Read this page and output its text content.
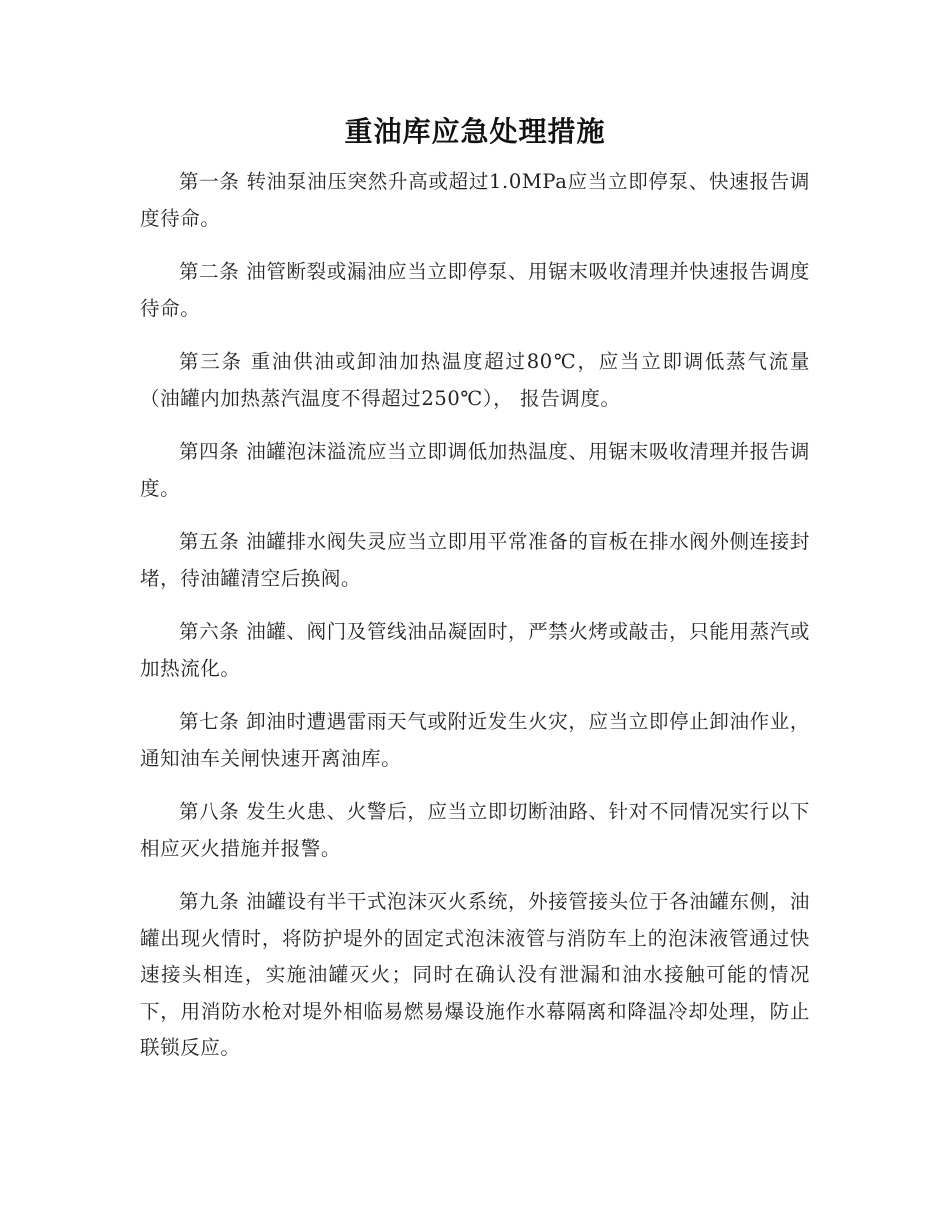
重油库应急处理措施

第一条 转油泵油压突然升高或超过1.0MPa应当立即停泵、快速报告调度待命。

第二条 油管断裂或漏油应当立即停泵、用锯末吸收清理并快速报告调度待命。

第三条 重油供油或卸油加热温度超过80℃，应当立即调低蒸气流量（油罐内加热蒸汽温度不得超过250℃）， 报告调度。

第四条 油罐泡沫溢流应当立即调低加热温度、用锯末吸收清理并报告调度。

第五条 油罐排水阀失灵应当立即用平常准备的盲板在排水阀外侧连接封堵，待油罐清空后换阀。

第六条 油罐、阀门及管线油品凝固时，严禁火烤或敲击，只能用蒸汽或加热流化。

第七条 卸油时遭遇雷雨天气或附近发生火灾，应当立即停止卸油作业，通知油车关闸快速开离油库。

第八条 发生火患、火警后，应当立即切断油路、针对不同情况实行以下相应灭火措施并报警。

第九条 油罐设有半干式泡沫灭火系统，外接管接头位于各油罐东侧，油罐出现火情时，将防护堤外的固定式泡沫液管与消防车上的泡沫液管通过快速接头相连，实施油罐灭火；同时在确认没有泄漏和油水接触可能的情况下，用消防水枪对堤外相临易燃易爆设施作水幕隔离和降温冷却处理，防止联锁反应。
